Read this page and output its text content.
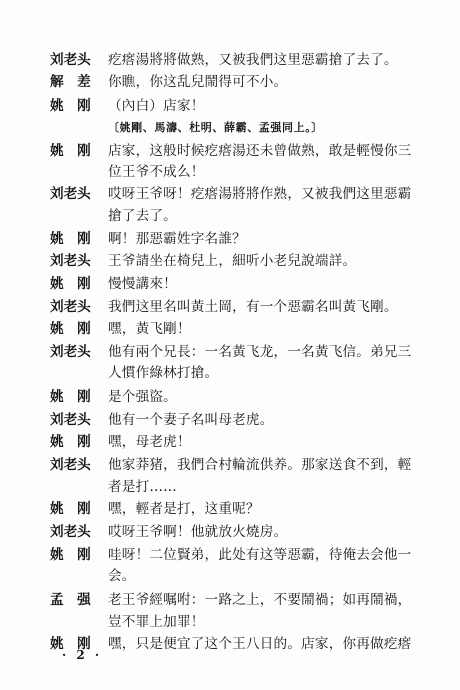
刘老头	疙瘩湯將將做熟，又被我們这里惡霸搶了去了。
解　差	你瞧，你这乱兒鬧得可不小。
姚　刚	（內白）店家！
〔姚剛、馬濤、杜明、薛霸、孟强同上。〕
姚　刚	店家，这般时候疙瘩湯还未曾做熟，敢是輕慢你三
位王爷不成么！
刘老头	哎呀王爷呀！疙瘩湯將將作熟，又被我們这里惡霸
搶了去了。
姚　刚	啊！那惡霸姓字名誰？
刘老头	王爷請坐在椅兒上，細听小老兒說端詳。
姚　刚	慢慢講來！
刘老头	我們这里名叫黃土岡，有一个惡霸名叫黃飞剛。
姚　刚	嘿，黃飞剛！
刘老头	他有兩个兄長：一名黃飞龙，一名黃飞信。弟兄三
人慣作綠林打搶。
姚　刚	是个强盜。
刘老头	他有一个妻子名叫母老虎。
姚　刚	嘿，母老虎！
刘老头	他家莽猪，我們合村輪流供养。那家送食不到，輕
者是打……
姚　刚	嘿，輕者是打，这重呢？
刘老头	哎呀王爷啊！他就放火燒房。
姚　刚	哇呀！二位賢弟，此处有这等惡霸，待俺去会他一
会。
孟　强	老王爷經嘱咐：一路之上，不要鬧禍；如再鬧禍，
豈不罪上加罪！
姚　刚	嘿，只是便宜了这个王八日的。店家，你再做疙瘩
· 2 ·
